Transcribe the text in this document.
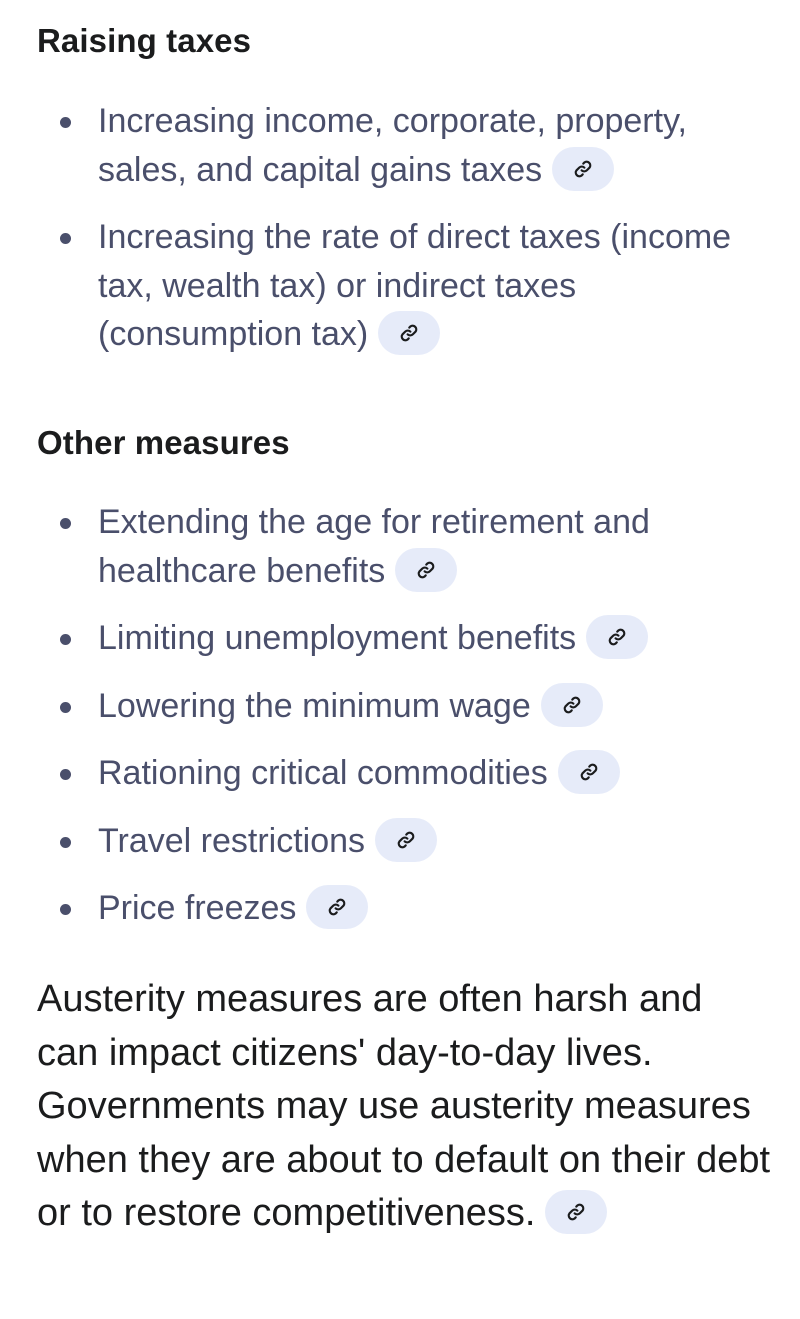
Raising taxes
Increasing income, corporate, property, sales, and capital gains taxes
Increasing the rate of direct taxes (income tax, wealth tax) or indirect taxes (consumption tax)
Other measures
Extending the age for retirement and healthcare benefits
Limiting unemployment benefits
Lowering the minimum wage
Rationing critical commodities
Travel restrictions
Price freezes

Austerity measures are often harsh and can impact citizens' day-to-day lives. Governments may use austerity measures when they are about to default on their debt or to restore competitiveness.
